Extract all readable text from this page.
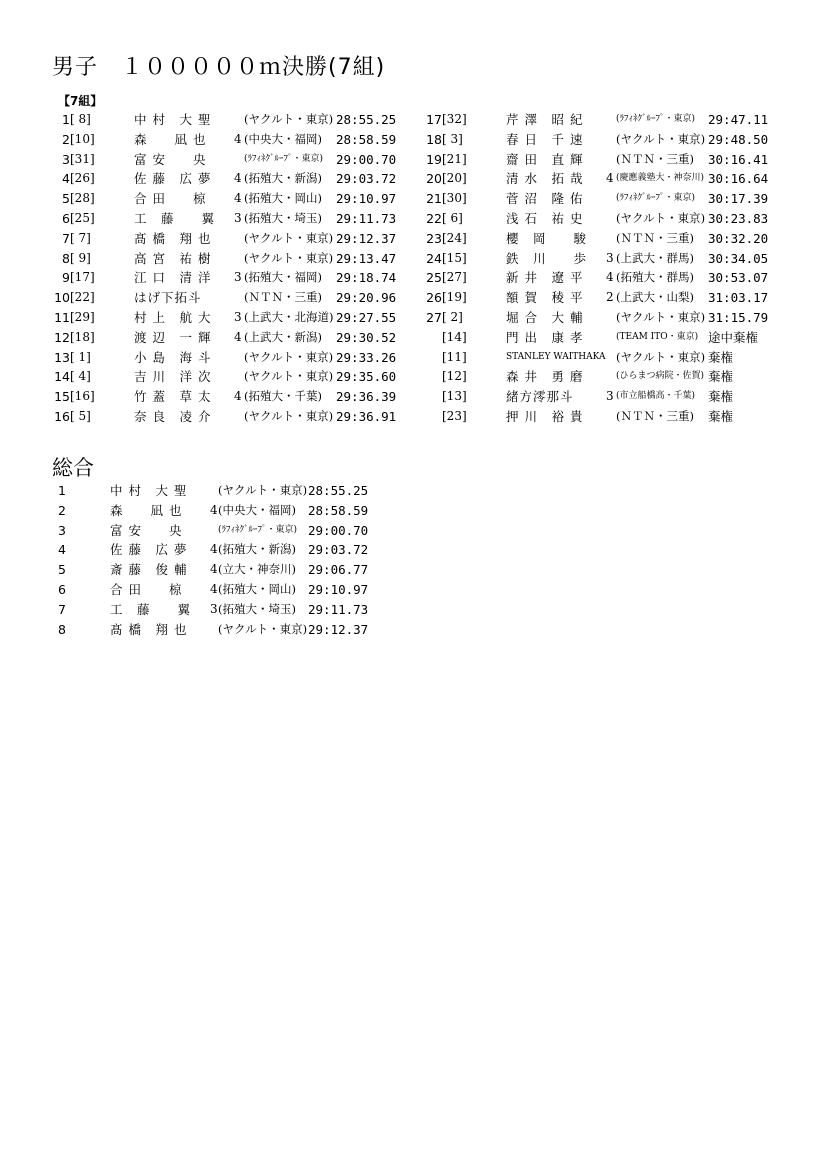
男子　１０００００ｍ決勝(7組)
【7組】
1 [ 8]	中 村　大 聖	(ヤクルト・東京) 28:55.25
2 [10]	森　　凪 也	4 (中央大・福岡)	28:58.59
3 [31]	富 安　　央	(ﾗﾌｨﾈｸﾞﾙｰﾌﾟ・東京)	29:00.70
4 [26]	佐 藤　広 夢	4 (拓殖大・新潟)	29:03.72
5 [28]	合 田　　椋	4 (拓殖大・岡山)	29:10.97
6 [25]	工　藤　　翼	3 (拓殖大・埼玉)	29:11.73
7 [ 7]	髙 橋　翔 也	(ヤクルト・東京) 29:12.37
8 [ 9]	高 宮　祐 樹	(ヤクルト・東京) 29:13.47
9 [17]	江 口　清 洋	3 (拓殖大・福岡)	29:18.74
10 [22]	はげ下拓斗	(ＮＴＮ・三重)	29:20.96
11 [29]	村 上　航 大	3 (上武大・北海道) 29:27.55
12 [18]	渡 辺　一 輝	4 (上武大・新潟)	29:30.52
13 [ 1]	小 島　海 斗	(ヤクルト・東京) 29:33.26
14 [ 4]	吉 川　洋 次	(ヤクルト・東京) 29:35.60
15 [16]	竹 蓋　草 太	4 (拓殖大・千葉)	29:36.39
16 [ 5]	奈 良　凌 介	(ヤクルト・東京) 29:36.91
17 [32]	芹 澤　昭 紀	(ﾗﾌｨﾈｸﾞﾙｰﾌﾟ・東京)	29:47.11
18 [ 3]	春 日　千 速	(ヤクルト・東京) 29:48.50
19 [21]	齋 田　直 輝	(ＮＴＮ・三重)	30:16.41
20 [20]	清 水　拓 哉	4 (慶應義塾大・神奈川) 30:16.64
21 [30]	菅 沼　隆 佑	(ﾗﾌｨﾈｸﾞﾙｰﾌﾟ・東京)	30:17.39
22 [ 6]	浅 石　祐 史	(ヤクルト・東京) 30:23.83
23 [24]	櫻　岡　　駿	(ＮＴＮ・三重)	30:32.20
24 [15]	鉄　川　　歩	3 (上武大・群馬)	30:34.05
25 [27]	新 井　遼 平	4 (拓殖大・群馬)	30:53.07
26 [19]	額 賀　稜 平	2 (上武大・山梨)	31:03.17
27 [ 2]	堀 合　大 輔	(ヤクルト・東京) 31:15.79
[14]	門 出　康 孝	(TEAM ITO・東京) 途中棄権
[11]	STANLEY WAITHAKA (ヤクルト・東京) 棄権
[12]	森 井　勇 磨	(ひらまつ病院・佐賀) 棄権
[13]	緒方澪那斗	3 (市立船橋高・千葉)	棄権
[23]	押 川　裕 貴	(ＮＴＮ・三重)	棄権
総合
1	中 村　大 聖	(ヤクルト・東京) 28:55.25
2	森　　凪 也	4 (中央大・福岡) 28:58.59
3	富 安　　央	(ﾗﾌｨﾈｸﾞﾙｰﾌﾟ・東京) 29:00.70
4	佐 藤　広 夢	4 (拓殖大・新潟) 29:03.72
5	斎 藤　俊 輔	4 (立大・神奈川) 29:06.77
6	合 田　　椋	4 (拓殖大・岡山) 29:10.97
7	工　藤　　翼	3 (拓殖大・埼玉) 29:11.73
8	髙 橋　翔 也	(ヤクルト・東京) 29:12.37
